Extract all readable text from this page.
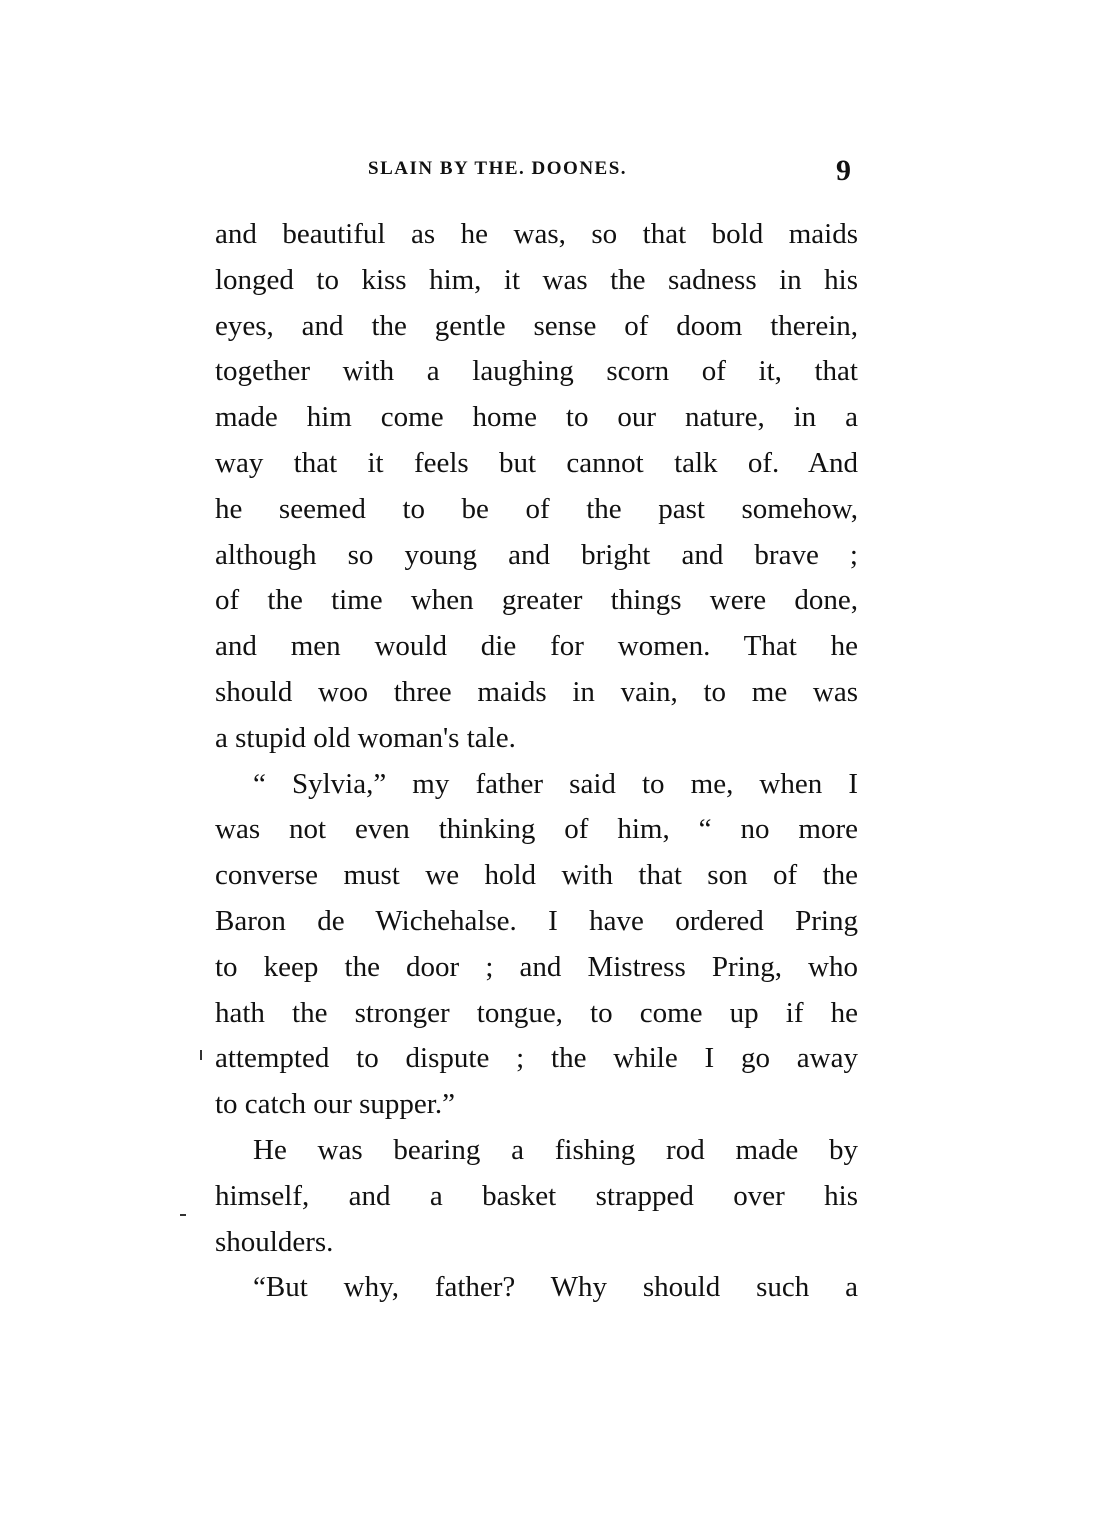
SLAIN BY THE. DOONES.	9
and beautiful as he was, so that bold maids
longed to kiss him, it was the sadness in his
eyes, and the gentle sense of doom therein,
together with a laughing scorn of it, that
made him come home to our nature, in a
way that it feels but cannot talk of. And
he seemed to be of the past somehow,
although so young and bright and brave ;
of the time when greater things were done,
and men would die for women. That he
should woo three maids in vain, to me was
a stupid old woman's tale.
“ Sylvia,” my father said to me, when I
was not even thinking of him, “ no more
converse must we hold with that son of the
Baron de Wichehalse. I have ordered Pring
to keep the door ; and Mistress Pring, who
hath the stronger tongue, to come up if he
attempted to dispute ; the while I go away
to catch our supper.”
He was bearing a fishing rod made by
himself, and a basket strapped over his
shoulders.
“But why, father? Why should such a
